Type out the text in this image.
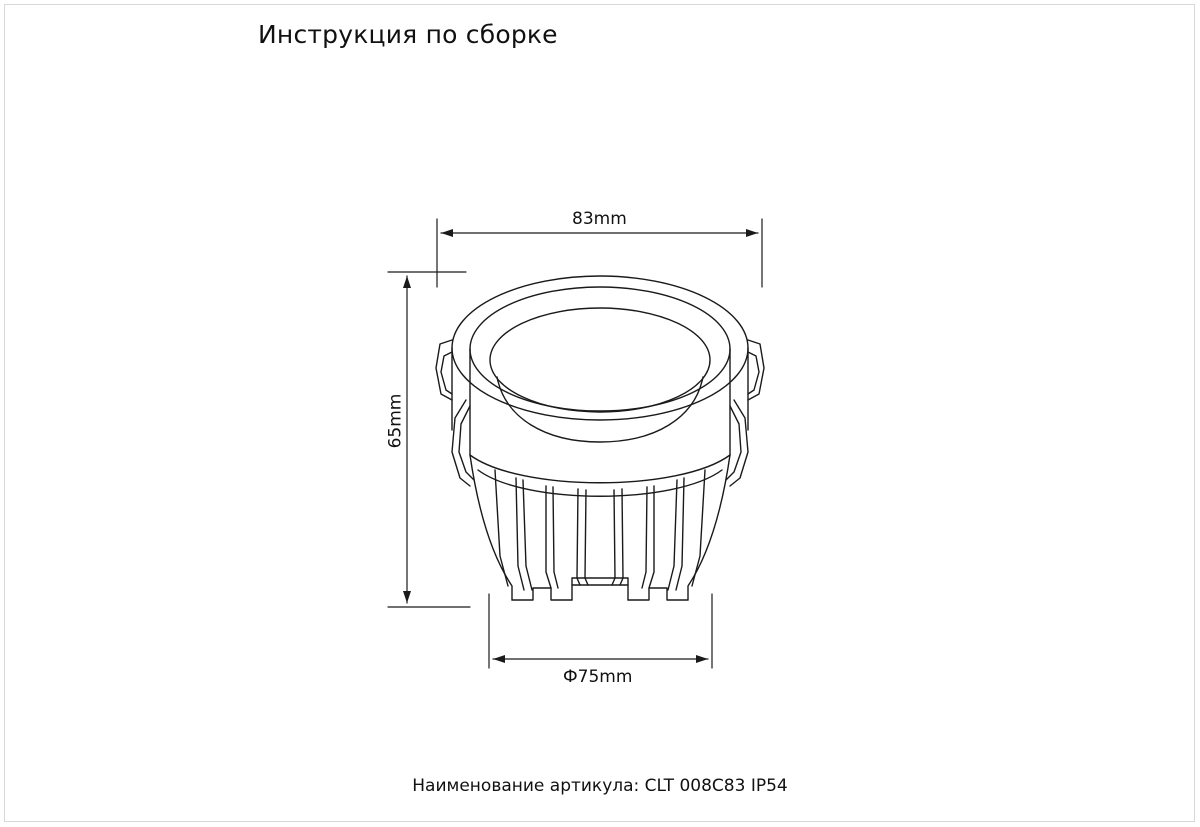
Инструкция по сборке
83mm
65mm
Ф75mm
Наименование артикула: CLT 008C83 IP54
